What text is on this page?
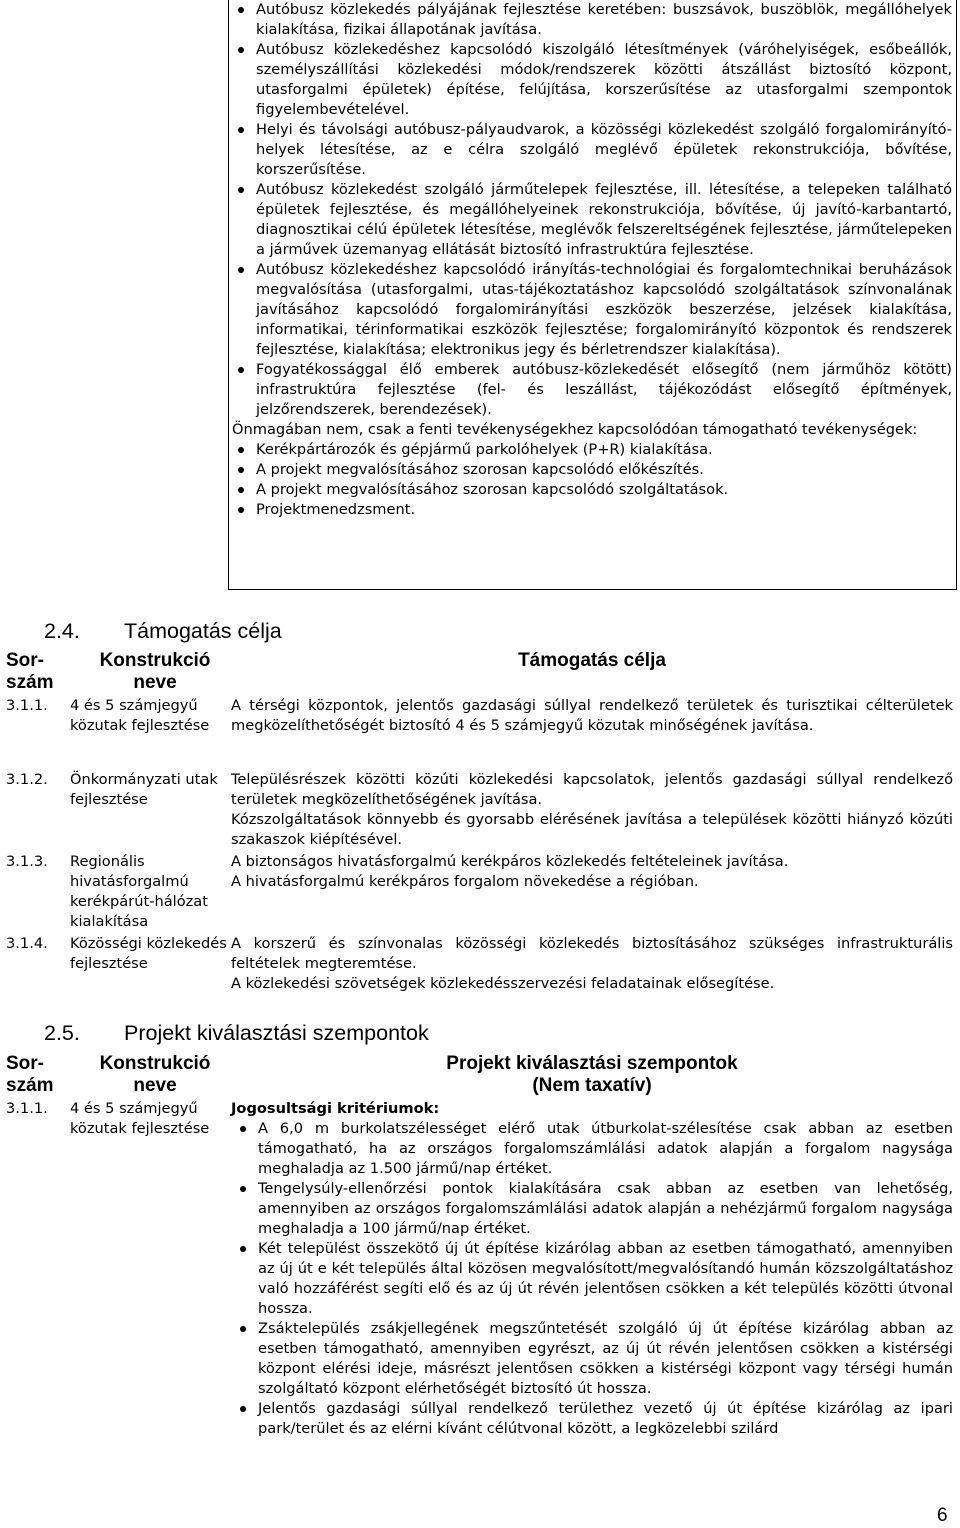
Autóbusz közlekedés pályájának fejlesztése keretében: buszsávok, buszöblök, megállóhelyek kialakítása, fizikai állapotának javítása.
Autóbusz közlekedéshez kapcsolódó kiszolgáló létesítmények (váróhelyiségek, esőbeállók, személyszállítási közlekedési módok/rendszerek közötti átszállást biztosító központ, utasforgalmi épületek) építése, felújítása, korszerűsítése az utasforgalmi szempontok figyelembevételével.
Helyi és távolsági autóbusz-pályaudvarok, a közösségi közlekedést szolgáló forgalomirányító-helyek létesítése, az e célra szolgáló meglévő épületek rekonstrukciója, bővítése, korszerűsítése.
Autóbusz közlekedést szolgáló járműtelepek fejlesztése, ill. létesítése, a telepeken található épületek fejlesztése, és megállóhelyeinek rekonstrukciója, bővítése, új javító-karbantartó, diagnosztikai célú épületek létesítése, meglévők felszereltségének fejlesztése, járműtelepeken a járművek üzemanyag ellátását biztosító infrastruktúra fejlesztése.
Autóbusz közlekedéshez kapcsolódó irányítás-technológiai és forgalomtechnikai beruházások megvalósítása (utasforgalmi, utas-tájékoztatáshoz kapcsolódó szolgáltatások színvonalának javításához kapcsolódó forgalomirányítási eszközök beszerzése, jelzések kialakítása, informatikai, térinformatikai eszközök fejlesztése; forgalomirányító központok és rendszerek fejlesztése, kialakítása; elektronikus jegy és bérletrendszer kialakítása).
Fogyatékossággal élő emberek autóbusz-közlekedését elősegítő (nem járműhöz kötött) infrastruktúra fejlesztése (fel- és leszállást, tájékozódást elősegítő építmények, jelzőrendszerek, berendezések).

Önmagában nem, csak a fenti tevékenységekhez kapcsolódóan támogatható tevékenységek:

Kerékpártározók és gépjármű parkolóhelyek (P+R) kialakítása.
A projekt megvalósításához szorosan kapcsolódó előkészítés.
A projekt megvalósításához szorosan kapcsolódó szolgáltatások.
Projektmenedzsment.
2.4. Támogatás célja
Sor-szám
Konstrukció neve
Támogatás célja
3.1.1.	4 és 5 számjegyű közutak fejlesztése

A térségi központok, jelentős gazdasági súllyal rendelkező területek és turisztikai célterületek megközelíthetőségét biztosító 4 és 5 számjegyű közutak minőségének javítása.

3.1.2.	Önkormányzati utak fejlesztése

Településrészek közötti közúti közlekedési kapcsolatok, jelentős gazdasági súllyal rendelkező területek megközelíthetőségének javítása.

Kózszolgáltatások könnyebb és gyorsabb elérésének javítása a települések közötti hiányzó közúti szakaszok kiépítésével.

3.1.3.	Regionális hivatásforgalmú kerékpárút-hálózat kialakítása

A biztonságos hivatásforgalmú kerékpáros közlekedés feltételeinek javítása.

A hivatásforgalmú kerékpáros forgalom növekedése a régióban.

3.1.4.	Közösségi közlekedés fejlesztése

A korszerű és színvonalas közösségi közlekedés biztosításához szükséges infrastrukturális feltételek megteremtése.

A közlekedési szövetségek közlekedésszervezési feladatainak elősegítése.

2.5. Projekt kiválasztási szempontok
Sor-szám
Konstrukció neve
Projekt kiválasztási szempontok
(Nem taxatív)
3.1.1.	4 és 5 számjegyű közutak fejlesztése

Jogosultsági kritériumok:

A 6,0 m burkolatszélességet elérő utak útburkolat-szélesítése csak abban az esetben támogatható, ha az országos forgalomszámlálási adatok alapján a forgalom nagysága meghaladja az 1.500 jármű/nap értéket.
Tengelysúly-ellenőrzési pontok kialakítására csak abban az esetben van lehetőség, amennyiben az országos forgalomszámlálási adatok alapján a nehézjármű forgalom nagysága meghaladja a 100 jármű/nap értéket.
Két települést összekötő új út építése kizárólag abban az esetben támogatható, amennyiben az új út e két település által közösen megvalósított/megvalósítandó humán közszolgáltatáshoz való hozzáférést segíti elő és az új út révén jelentősen csökken a két település közötti útvonal hossza.
Zsáktelepülés zsákjellegének megszűntetését szolgáló új út építése kizárólag abban az esetben támogatható, amennyiben egyrészt, az új út révén jelentősen csökken a kistérségi központ elérési ideje, másrészt jelentősen csökken a kistérségi központ vagy térségi humán szolgáltató központ elérhetőségét biztosító út hossza.
Jelentős gazdasági súllyal rendelkező területhez vezető új út építése kizárólag az ipari park/terület és az elérni kívánt célútvonal között, a legközelebbi szilárd
6
